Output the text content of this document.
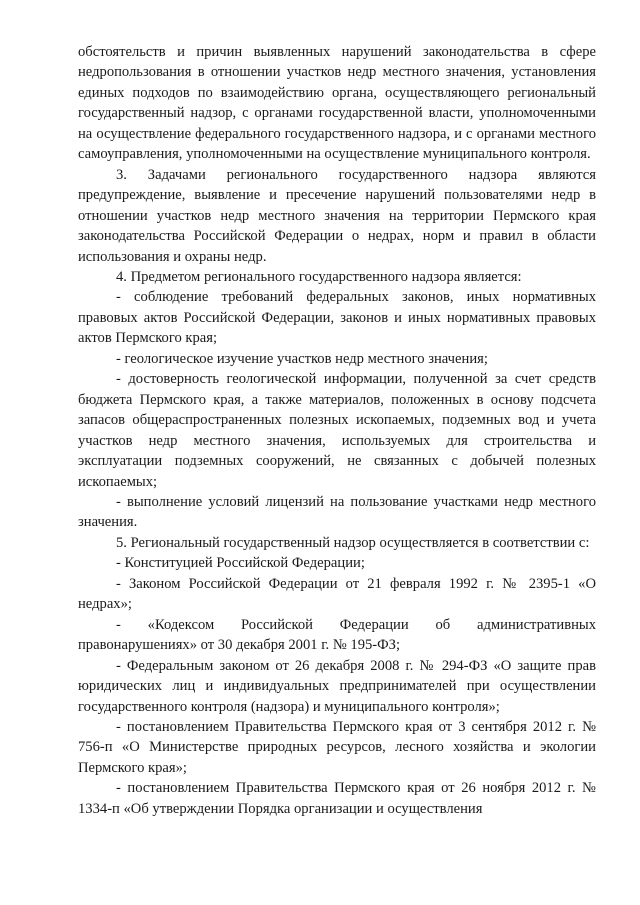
обстоятельств и причин выявленных нарушений законодательства в сфере недропользования в отношении участков недр местного значения, установления единых подходов по взаимодействию органа, осуществляющего региональный государственный надзор, с органами государственной власти, уполномоченными на осуществление федерального государственного надзора, и с органами местного самоуправления, уполномоченными на осуществление муниципального контроля.

3. Задачами регионального государственного надзора являются предупреждение, выявление и пресечение нарушений пользователями недр в отношении участков недр местного значения на территории Пермского края законодательства Российской Федерации о недрах, норм и правил в области использования и охраны недр.

4. Предметом регионального государственного надзора является:

- соблюдение требований федеральных законов, иных нормативных правовых актов Российской Федерации, законов и иных нормативных правовых актов Пермского края;

- геологическое изучение участков недр местного значения;

- достоверность геологической информации, полученной за счет средств бюджета Пермского края, а также материалов, положенных в основу подсчета запасов общераспространенных полезных ископаемых, подземных вод и учета участков недр местного значения, используемых для строительства и эксплуатации подземных сооружений, не связанных с добычей полезных ископаемых;

- выполнение условий лицензий на пользование участками недр местного значения.

5. Региональный государственный надзор осуществляется в соответствии с:

- Конституцией Российской Федерации;

- Законом Российской Федерации от 21 февраля 1992 г. № 2395-1 «О недрах»;

- «Кодексом Российской Федерации об административных правонарушениях» от 30 декабря 2001 г. № 195-ФЗ;

- Федеральным законом от 26 декабря 2008 г. № 294-ФЗ «О защите прав юридических лиц и индивидуальных предпринимателей при осуществлении государственного контроля (надзора) и муниципального контроля»;

- постановлением Правительства Пермского края от 3 сентября 2012 г. № 756-п «О Министерстве природных ресурсов, лесного хозяйства и экологии Пермского края»;

- постановлением Правительства Пермского края от 26 ноября 2012 г. № 1334-п «Об утверждении Порядка организации и осуществления
